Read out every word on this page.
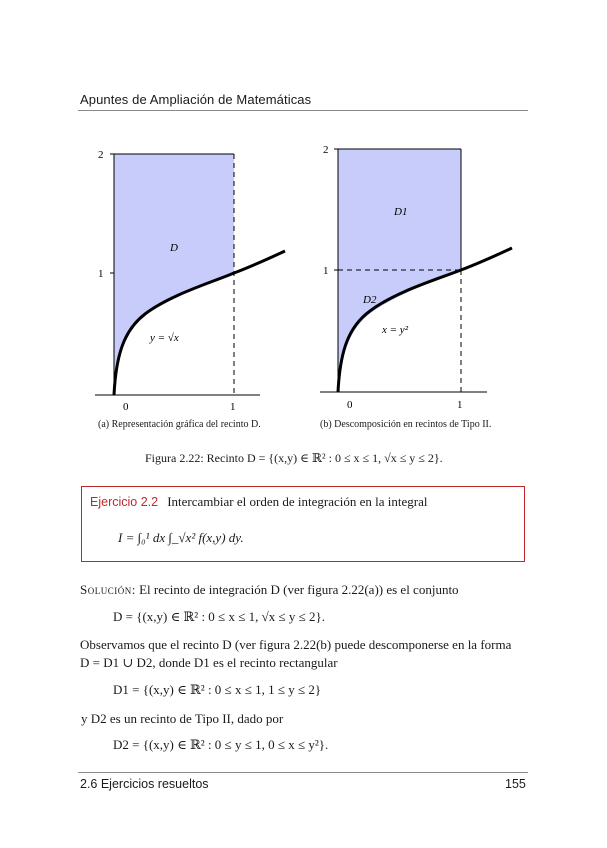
Apuntes de Ampliación de Matemáticas
2
1
0	1
D
y = √x
2
1
0	1
D1
D2
x = y²
(a) Representación gráfica del recinto D.	(b) Descomposición en recintos de Tipo II.
Figura 2.22: Recinto D = {(x,y) ∈ ℝ² : 0 ≤ x ≤ 1, √x ≤ y ≤ 2}.
Ejercicio 2.2 Intercambiar el orden de integración en la integral
I = ∫₀¹ dx ∫_√x² f(x,y) dy.
Solución: El recinto de integración D (ver figura 2.22(a)) es el conjunto
D = {(x,y) ∈ ℝ² : 0 ≤ x ≤ 1, √x ≤ y ≤ 2}.
Observamos que el recinto D (ver figura 2.22(b) puede descomponerse en la forma
D = D1 ∪ D2, donde D1 es el recinto rectangular
D1 = {(x,y) ∈ ℝ² : 0 ≤ x ≤ 1, 1 ≤ y ≤ 2}
y D2 es un recinto de Tipo II, dado por
D2 = {(x,y) ∈ ℝ² : 0 ≤ y ≤ 1, 0 ≤ x ≤ y²}.
2.6 Ejercicios resueltos	155
